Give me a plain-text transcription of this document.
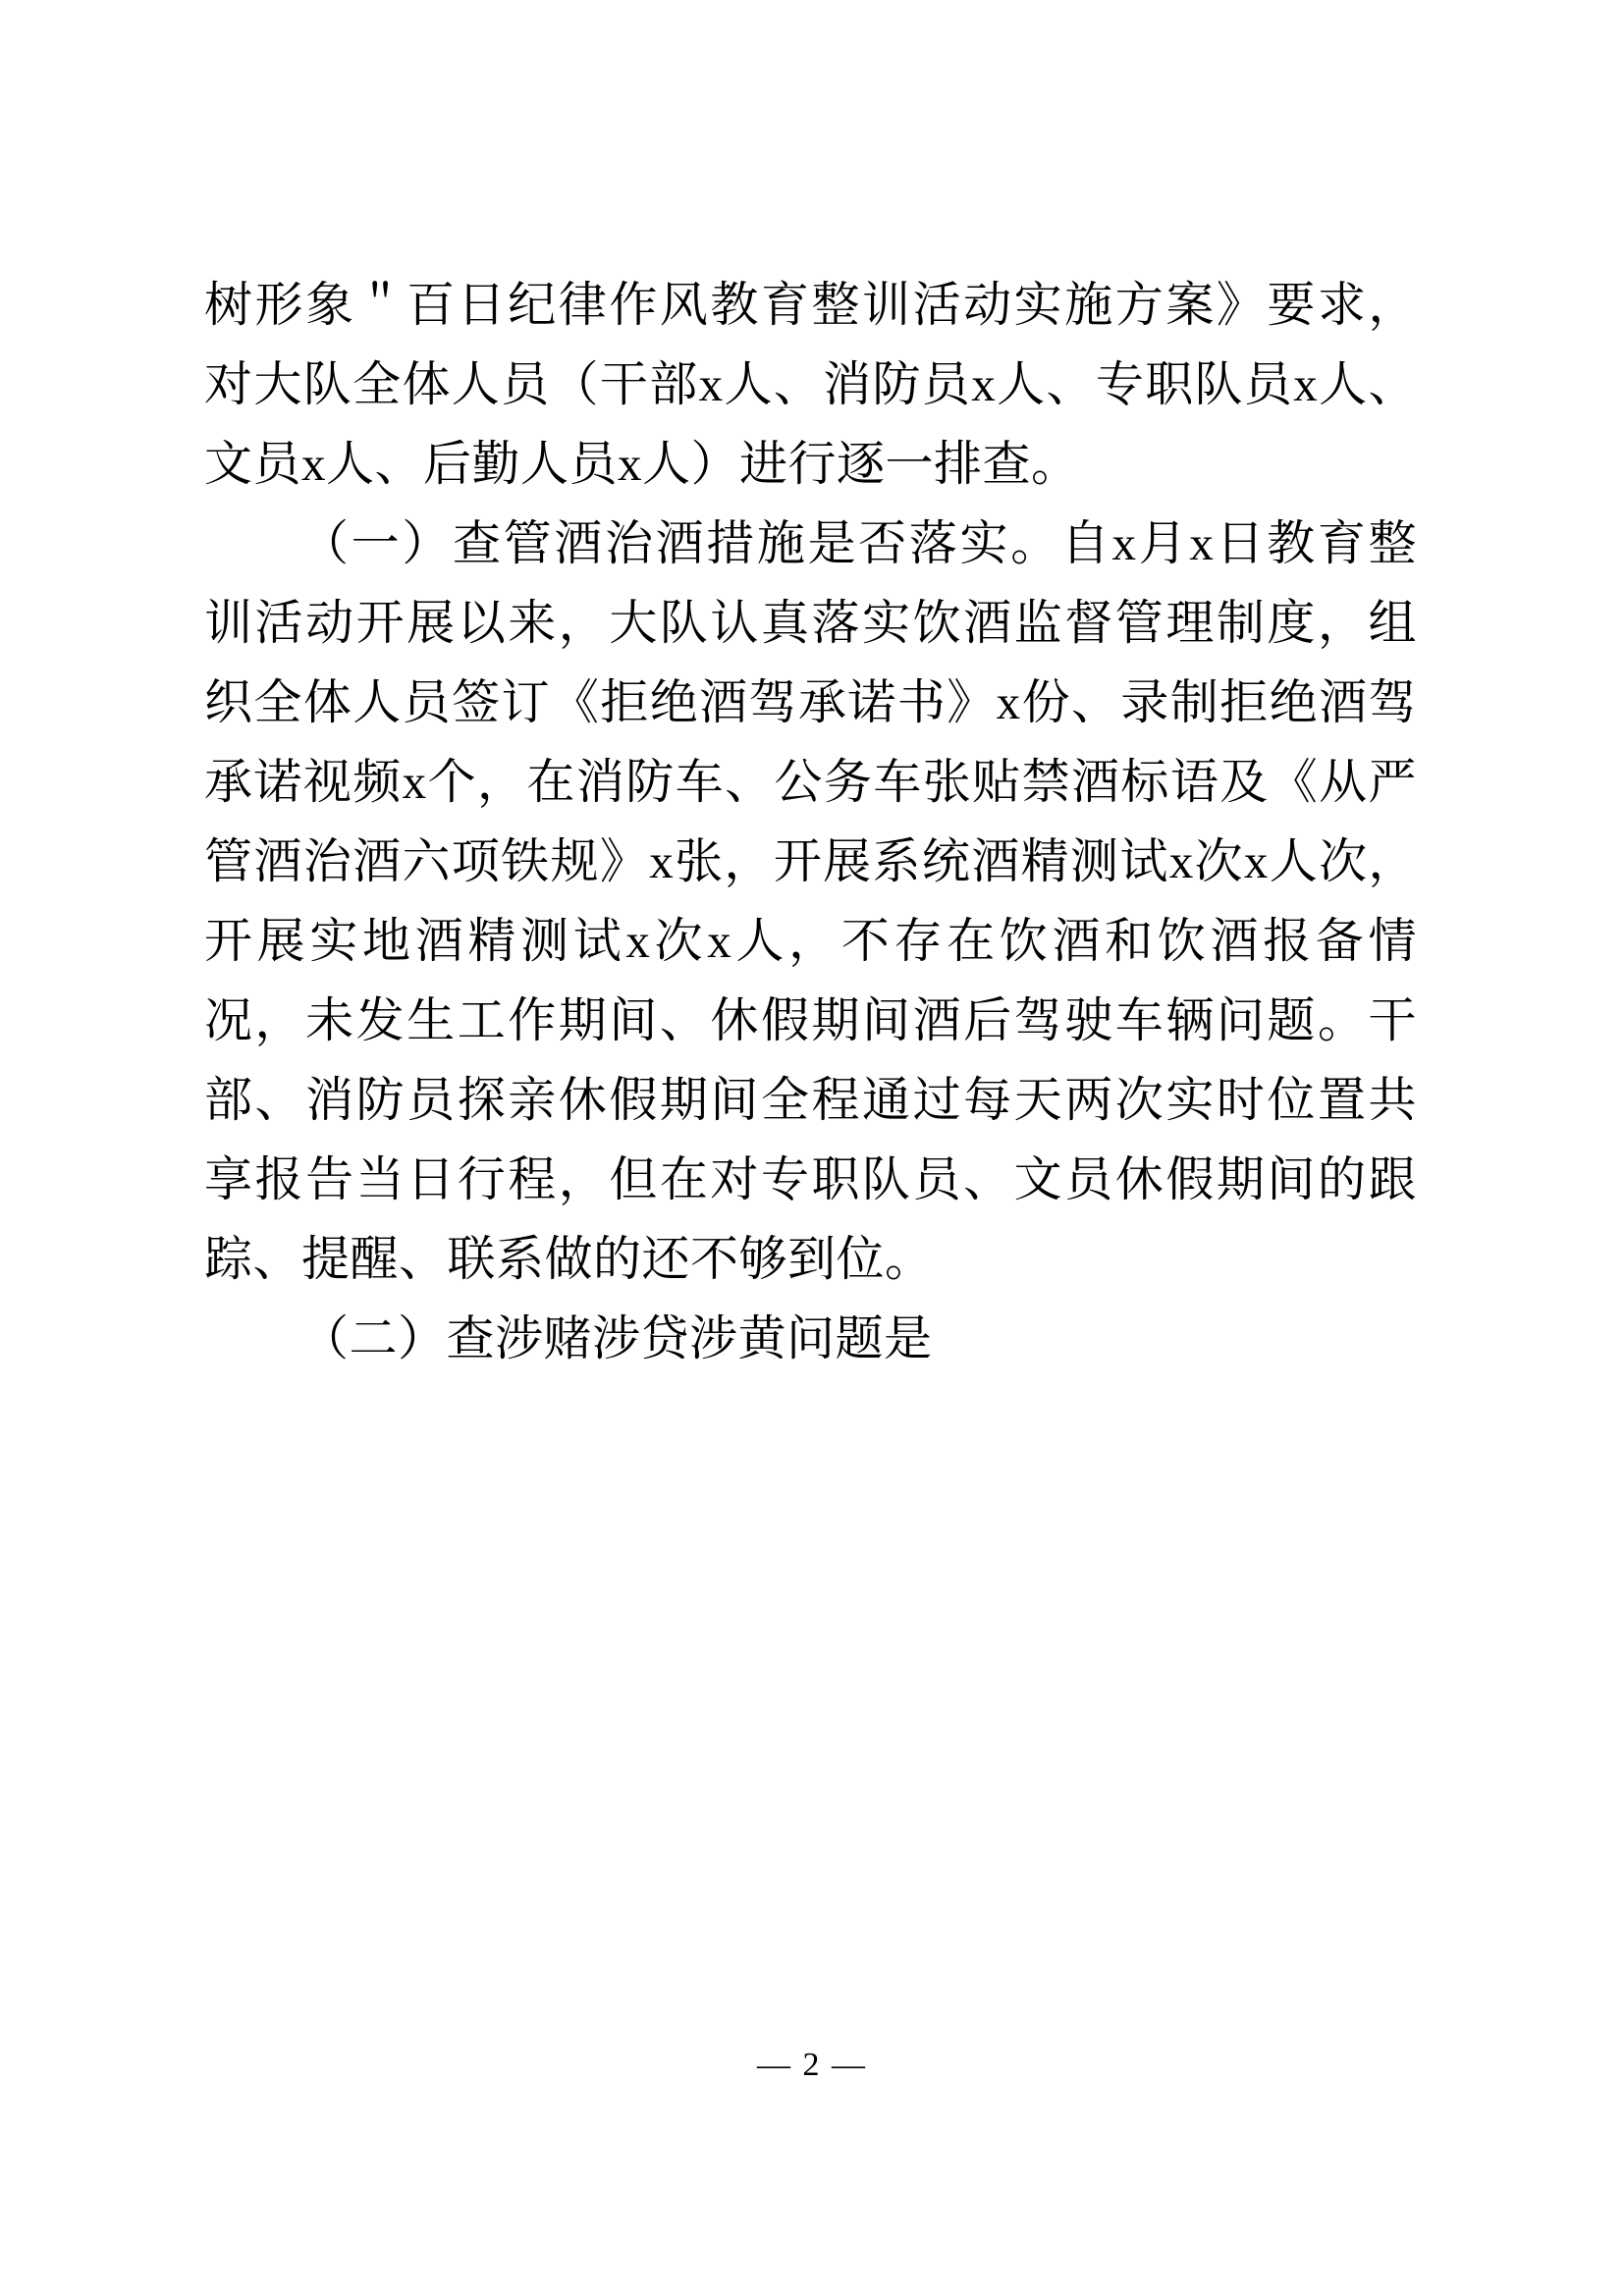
树形象＂百日纪律作风教育整训活动实施方案》要求，对大队全体人员（干部x人、消防员x人、专职队员x人、文员x人、后勤人员x人）进行逐一排查。

（一）查管酒治酒措施是否落实。自x月x日教育整训活动开展以来，大队认真落实饮酒监督管理制度，组织全体人员签订《拒绝酒驾承诺书》x份、录制拒绝酒驾承诺视频x个，在消防车、公务车张贴禁酒标语及《从严管酒治酒六项铁规》x张，开展系统酒精测试x次x人次，开展实地酒精测试x次x人，不存在饮酒和饮酒报备情况，未发生工作期间、休假期间酒后驾驶车辆问题。干部、消防员探亲休假期间全程通过每天两次实时位置共享报告当日行程，但在对专职队员、文员休假期间的跟踪、提醒、联系做的还不够到位。

（二）查涉赌涉贷涉黄问题是

— 2 —
